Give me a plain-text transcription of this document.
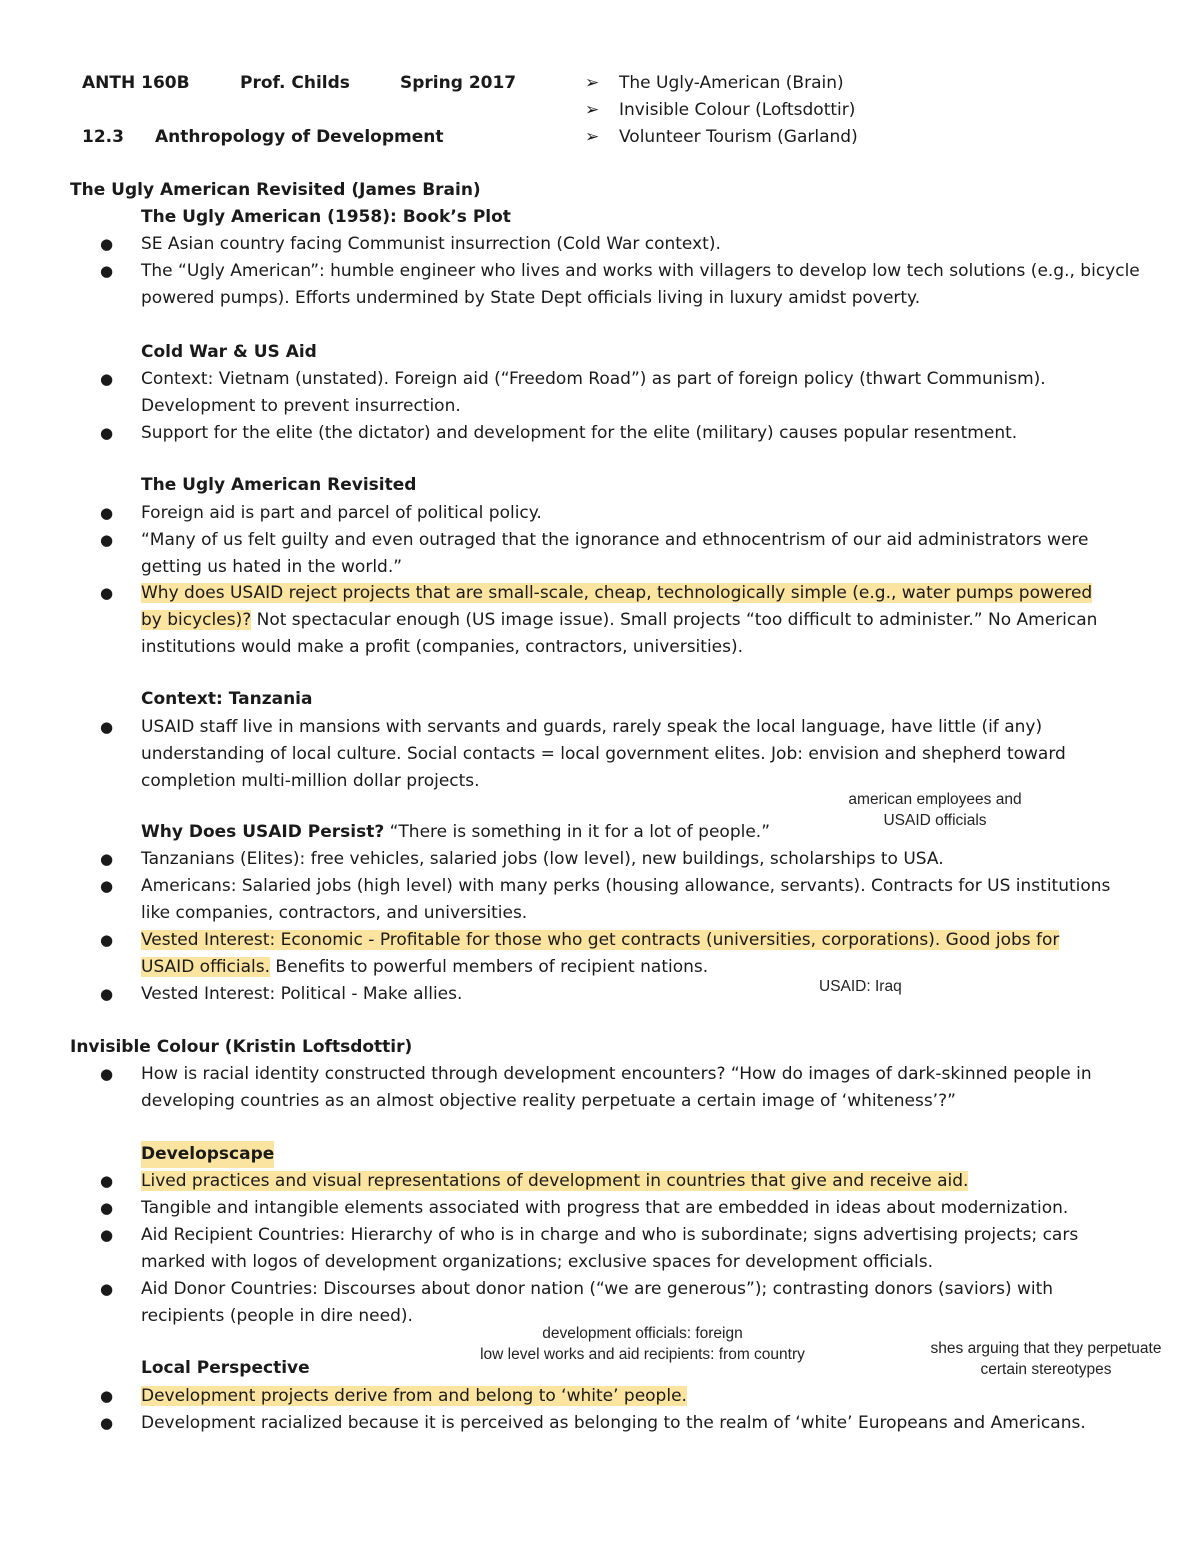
ANTH 160B	Prof. Childs	Spring 2017
12.3 Anthropology of Development
➢ The Ugly-American (Brain)
➢ Invisible Colour (Loftsdottir)
➢ Volunteer Tourism (Garland)
The Ugly American Revisited (James Brain)
The Ugly American (1958): Book’s Plot
●	SE Asian country facing Communist insurrection (Cold War context).
●	The “Ugly American”: humble engineer who lives and works with villagers to develop low tech solutions (e.g., bicycle powered pumps). Efforts undermined by State Dept officials living in luxury amidst poverty.
Cold War & US Aid
●	Context: Vietnam (unstated). Foreign aid (“Freedom Road”) as part of foreign policy (thwart Communism). Development to prevent insurrection.
●	Support for the elite (the dictator) and development for the elite (military) causes popular resentment.
The Ugly American Revisited
●	Foreign aid is part and parcel of political policy.
●	“Many of us felt guilty and even outraged that the ignorance and ethnocentrism of our aid administrators were getting us hated in the world.”
●	Why does USAID reject projects that are small-scale, cheap, technologically simple (e.g., water pumps powered
by bicycles)? Not spectacular enough (US image issue). Small projects “too difficult to administer.” No American
institutions would make a profit (companies, contractors, universities).
Context: Tanzania
●	USAID staff live in mansions with servants and guards, rarely speak the local language, have little (if any) understanding of local culture. Social contacts = local government elites. Job: envision and shepherd toward completion multi-million dollar projects.
Why Does USAID Persist? “There is something in it for a lot of people.”
●	Tanzanians (Elites): free vehicles, salaried jobs (low level), new buildings, scholarships to USA.
●	Americans: Salaried jobs (high level) with many perks (housing allowance, servants). Contracts for US institutions like companies, contractors, and universities.
●	Vested Interest: Economic - Profitable for those who get contracts (universities, corporations). Good jobs for
USAID officials. Benefits to powerful members of recipient nations.
●	Vested Interest: Political - Make allies.
Invisible Colour (Kristin Loftsdottir)
●	How is racial identity constructed through development encounters? “How do images of dark-skinned people in developing countries as an almost objective reality perpetuate a certain image of ‘whiteness’?”
Developscape
●	Lived practices and visual representations of development in countries that give and receive aid.
●	Tangible and intangible elements associated with progress that are embedded in ideas about modernization.
●	Aid Recipient Countries: Hierarchy of who is in charge and who is subordinate; signs advertising projects; cars marked with logos of development organizations; exclusive spaces for development officials.
●	Aid Donor Countries: Discourses about donor nation (“we are generous”); contrasting donors (saviors) with recipients (people in dire need).
Local Perspective
●	Development projects derive from and belong to ‘white’ people.
●	Development racialized because it is perceived as belonging to the realm of ‘white’ Europeans and Americans.
american employees and
USAID officials
USAID: Iraq
development officials: foreign
low level works and aid recipients: from country	shes arguing that they perpetuate
certain stereotypes
